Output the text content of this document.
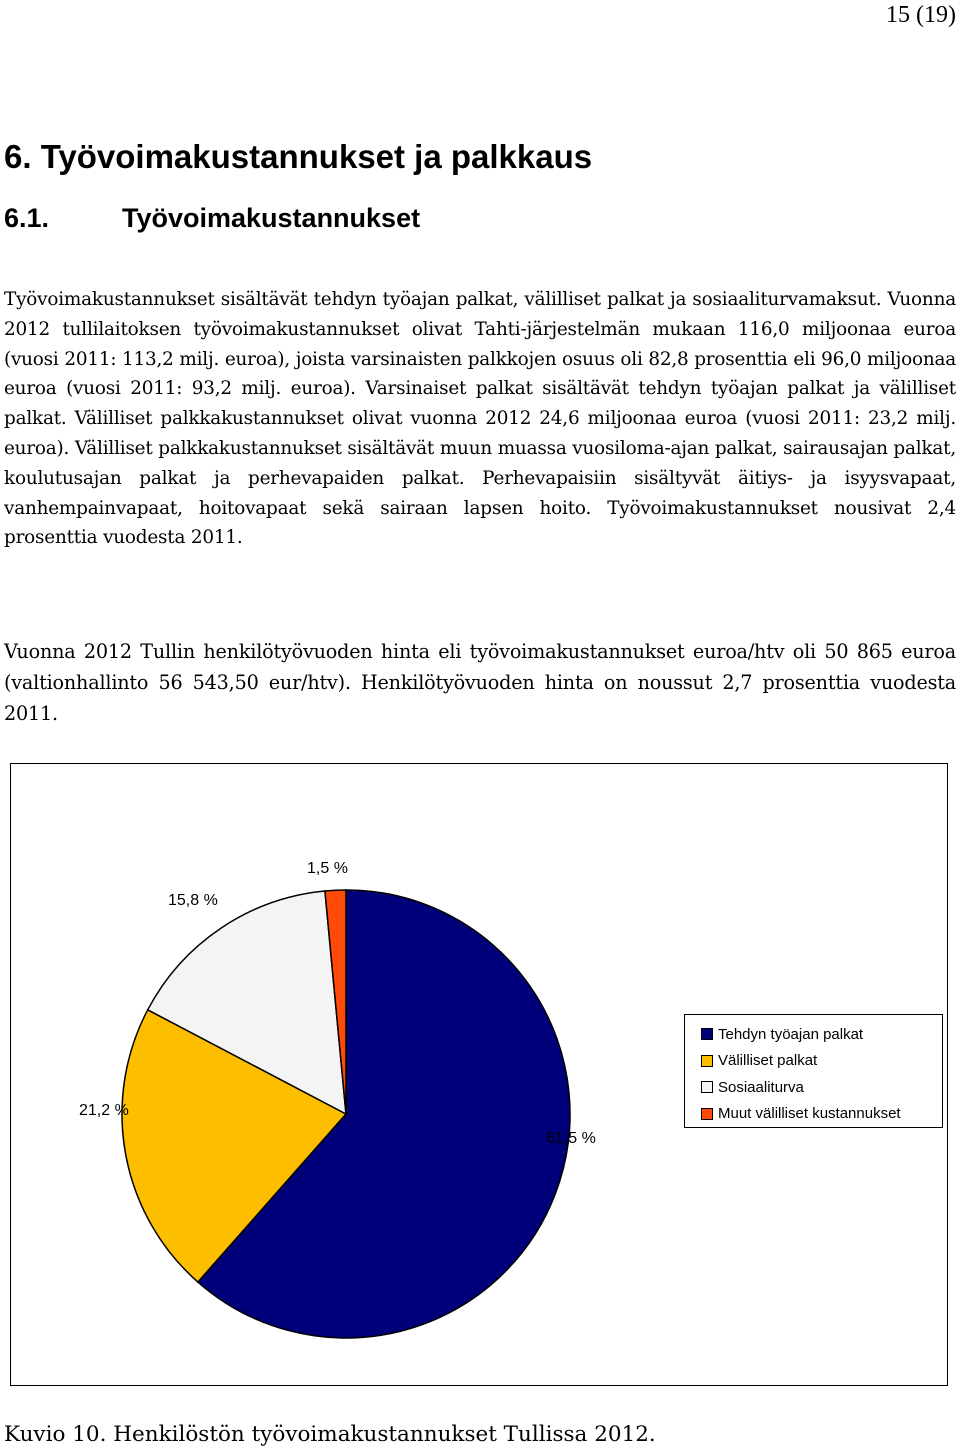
15 (19)
6. Työvoimakustannukset ja palkkaus
6.1.	Työvoimakustannukset

Työvoimakustannukset sisältävät tehdyn työajan palkat, välilliset palkat ja sosiaaliturvamaksut. Vuonna 2012 tullilaitoksen työvoimakustannukset olivat Tahti-järjestelmän mukaan 116,0 miljoonaa euroa (vuosi 2011: 113,2 milj. euroa), joista varsinaisten palkkojen osuus oli 82,8 prosenttia eli 96,0 miljoonaa euroa (vuosi 2011: 93,2 milj. euroa). Varsinaiset palkat sisältävät tehdyn työajan palkat ja välilliset palkat. Välilliset palkkakustannukset olivat vuonna 2012 24,6 miljoonaa euroa (vuosi 2011: 23,2 milj. euroa). Välilliset palkkakustannukset sisältävät muun muassa vuosiloma-ajan palkat, sairausajan palkat, koulutusajan palkat ja perhevapaiden palkat. Perhevapaisiin sisältyvät äitiys- ja isyysvapaat, vanhempainvapaat, hoitovapaat sekä sairaan lapsen hoito. Työvoimakustannukset nousivat 2,4 prosenttia vuodesta 2011.

Vuonna 2012 Tullin henkilötyövuoden hinta eli työvoimakustannukset euroa/htv oli 50 865 euroa (valtionhallinto 56 543,50 eur/htv). Henkilötyövuoden hinta on noussut 2,7 prosenttia vuodesta 2011.

Tehdyn työajan palkat
Välilliset palkat
Sosiaaliturva
Muut välilliset kustannukset
61,5 %
21,2 %
15,8 %
1,5 %

Kuvio 10. Henkilöstön työvoimakustannukset Tullissa 2012.
